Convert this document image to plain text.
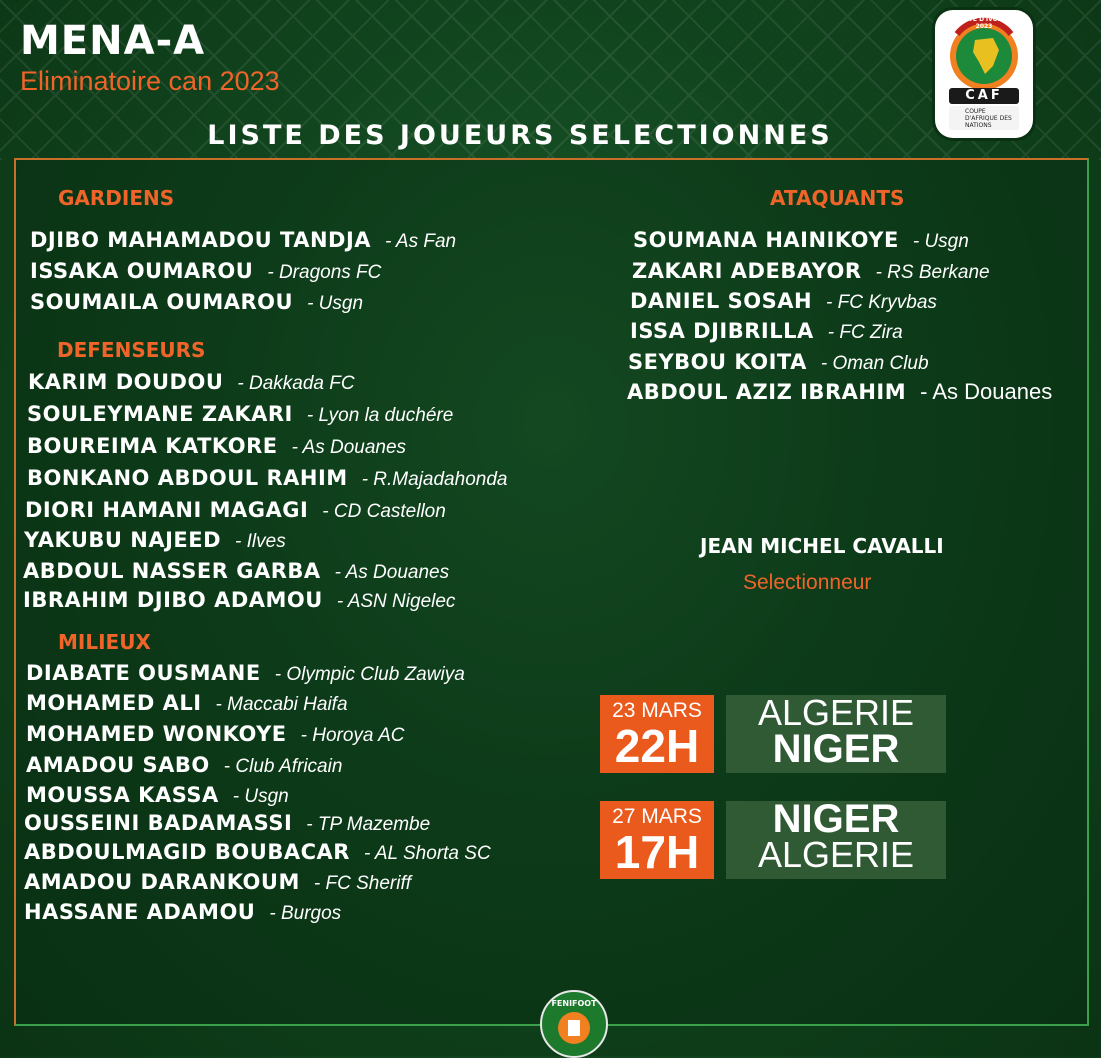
MENA-A
Eliminatoire can 2023
LISTE DES JOUEURS SELECTIONNES
CAF
COUPE D'AFRIQUE DES NATIONS
CÔTE D'IVOIRE 2023
GARDIENS
DJIBO MAHAMADOU TANDJA - As Fan
ISSAKA OUMAROU - Dragons FC
SOUMAILA OUMAROU - Usgn
DEFENSEURS
KARIM DOUDOU - Dakkada FC
SOULEYMANE ZAKARI - Lyon la duchére
BOUREIMA KATKORE - As Douanes
BONKANO ABDOUL RAHIM - R.Majadahonda
DIORI HAMANI MAGAGI - CD Castellon
YAKUBU NAJEED - Ilves
ABDOUL NASSER GARBA - As Douanes
IBRAHIM DJIBO ADAMOU - ASN Nigelec
MILIEUX
DIABATE OUSMANE - Olympic Club Zawiya
MOHAMED ALI - Maccabi Haifa
MOHAMED WONKOYE - Horoya AC
AMADOU SABO - Club Africain
MOUSSA KASSA - Usgn
OUSSEINI BADAMASSI - TP Mazembe
ABDOULMAGID BOUBACAR - AL Shorta SC
AMADOU DARANKOUM - FC Sheriff
HASSANE ADAMOU - Burgos
ATAQUANTS
SOUMANA HAINIKOYE - Usgn
ZAKARI ADEBAYOR - RS Berkane
DANIEL SOSAH - FC Kryvbas
ISSA DJIBRILLA - FC Zira
SEYBOU KOITA - Oman Club
ABDOUL AZIZ IBRAHIM - As Douanes
JEAN MICHEL CAVALLI
Selectionneur
23 MARS
22H
ALGERIE
NIGER
27 MARS
17H
NIGER
ALGERIE
FENIFOOT
